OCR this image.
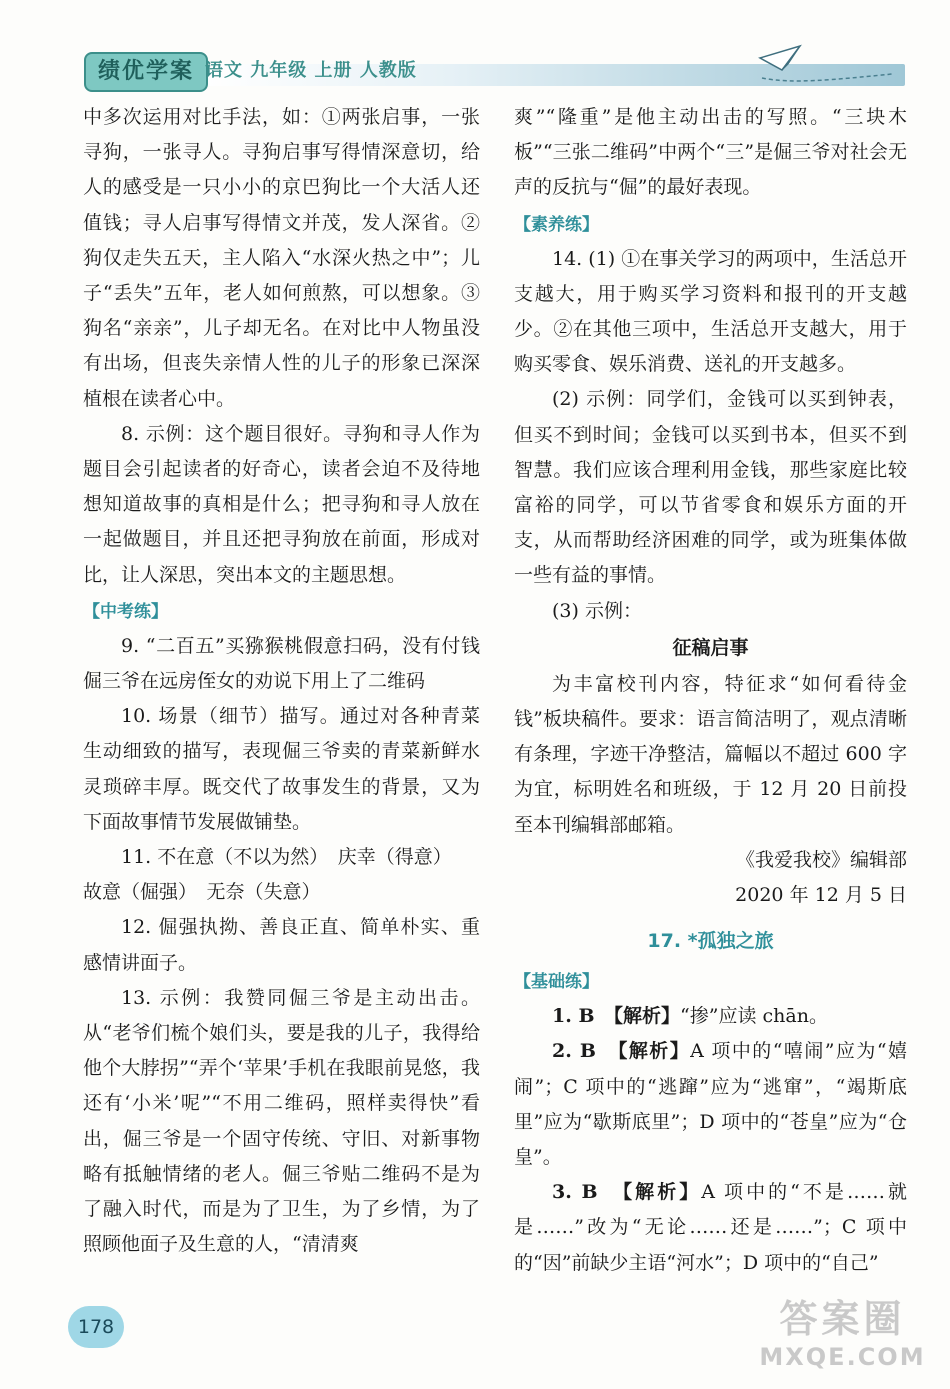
绩优学案 语文 九年级 上册 人教版

中多次运用对比手法，如：①两张启事，一张寻狗，一张寻人。寻狗启事写得情深意切，给人的感受是一只小小的京巴狗比一个大活人还值钱；寻人启事写得情文并茂，发人深省。②狗仅走失五天，主人陷入“水深火热之中”；儿子“丢失”五年，老人如何煎熬，可以想象。③狗名“亲亲”，儿子却无名。在对比中人物虽没有出场，但丧失亲情人性的儿子的形象已深深植根在读者心中。

8. 示例：这个题目很好。寻狗和寻人作为题目会引起读者的好奇心，读者会迫不及待地想知道故事的真相是什么；把寻狗和寻人放在一起做题目，并且还把寻狗放在前面，形成对比，让人深思，突出本文的主题思想。

【中考练】

9. “二百五”买猕猴桃假意扫码，没有付钱　倔三爷在远房侄女的劝说下用上了二维码

10. 场景（细节）描写。通过对各种青菜生动细致的描写，表现倔三爷卖的青菜新鲜水灵琐碎丰厚。既交代了故事发生的背景，又为下面故事情节发展做铺垫。

11. 不在意（不以为然）　庆幸（得意）

故意（倔强）　无奈（失意）

12. 倔强执拗、善良正直、简单朴实、重感情讲面子。

13. 示例：我赞同倔三爷是主动出击。从“老爷们梳个娘们头，要是我的儿子，我得给他个大脖拐”“弄个‘苹果’手机在我眼前晃悠，我还有‘小米’呢”“不用二维码，照样卖得快”看出，倔三爷是一个固守传统、守旧、对新事物略有抵触情绪的老人。倔三爷贴二维码不是为了融入时代，而是为了卫生，为了乡情，为了照顾他面子及生意的人，“清清爽

爽”“隆重”是他主动出击的写照。“三块木板”“三张二维码”中两个“三”是倔三爷对社会无声的反抗与“倔”的最好表现。

【素养练】

14. (1) ①在事关学习的两项中，生活总开支越大，用于购买学习资料和报刊的开支越少。②在其他三项中，生活总开支越大，用于购买零食、娱乐消费、送礼的开支越多。

(2) 示例：同学们，金钱可以买到钟表，但买不到时间；金钱可以买到书本，但买不到智慧。我们应该合理利用金钱，那些家庭比较富裕的同学，可以节省零食和娱乐方面的开支，从而帮助经济困难的同学，或为班集体做一些有益的事情。

(3) 示例：

征稿启事

为丰富校刊内容，特征求“如何看待金钱”板块稿件。要求：语言简洁明了，观点清晰有条理，字迹干净整洁，篇幅以不超过 600 字为宜，标明姓名和班级，于 12 月 20 日前投至本刊编辑部邮箱。

《我爱我校》编辑部
2020 年 12 月 5 日
17. *孤独之旅
【基础练】

1. B　 【解析】“掺”应读 chān。

2. B　 【解析】A 项中的“嘻闹”应为“嬉闹”；C 项中的“逃蹿”应为“逃窜”，“竭斯底里”应为“歇斯底里”；D 项中的“苍皇”应为“仓皇”。

3. B　 【解析】A 项中的“不是……就是……”改为“无论……还是……”；C 项中的“因”前缺少主语“河水”；D 项中的“自己”

178	答案圈
MXQE.COM
